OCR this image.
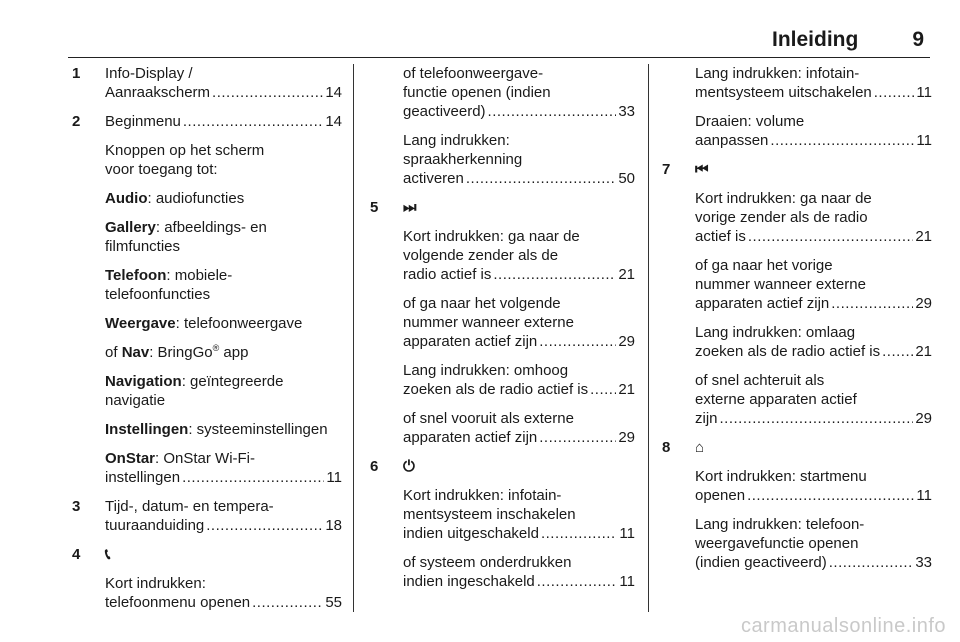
Inleiding	9
1 Info-Display /
Aanraakscherm .....	14
2 Beginmenu .....	14
Knoppen op het scherm
voor toegang tot:
Audio: audiofuncties
Gallery: afbeeldings- en
filmfuncties
Telefoon: mobiele-
telefoonfuncties
Weergave: telefoonweergave
of Nav: BringGo® app
Navigation: geïntegreerde
navigatie
Instellingen: systeeminstellingen
OnStar: OnStar Wi-Fi-
instellingen .....	11
3 Tijd-, datum- en tempera-
tuuraanduiding .....	18
4 📞︎
Kort indrukken:
telefoonmenu openen .....	55
of telefoonweergave-
functie openen (indien
geactiveerd) .....	33
Lang indrukken:
spraakherkenning
activeren .....	50
5 ⏭
Kort indrukken: ga naar de
volgende zender als de
radio actief is .....	21
of ga naar het volgende
nummer wanneer externe
apparaten actief zijn .....	29
Lang indrukken: omhoog
zoeken als de radio actief is ..... 21
of snel vooruit als externe
apparaten actief zijn .....	29
6 ⏻
Kort indrukken: infotain-
mentsysteem inschakelen
indien uitgeschakeld .....	11
of systeem onderdrukken
indien ingeschakeld .....	11
Lang indrukken: infotain-
mentsysteem uitschakelen .....	11
Draaien: volume
aanpassen .....	11
7 ⏮
Kort indrukken: ga naar de
vorige zender als de radio
actief is .....	21
of ga naar het vorige
nummer wanneer externe
apparaten actief zijn .....	29
Lang indrukken: omlaag
zoeken als de radio actief is ..... 21
of snel achteruit als
externe apparaten actief
zijn .....	29
8 ⌂
Kort indrukken: startmenu
openen .....	11
Lang indrukken: telefoon-
weergavefunctie openen
(indien geactiveerd) .....	33
carmanualsonline.info
